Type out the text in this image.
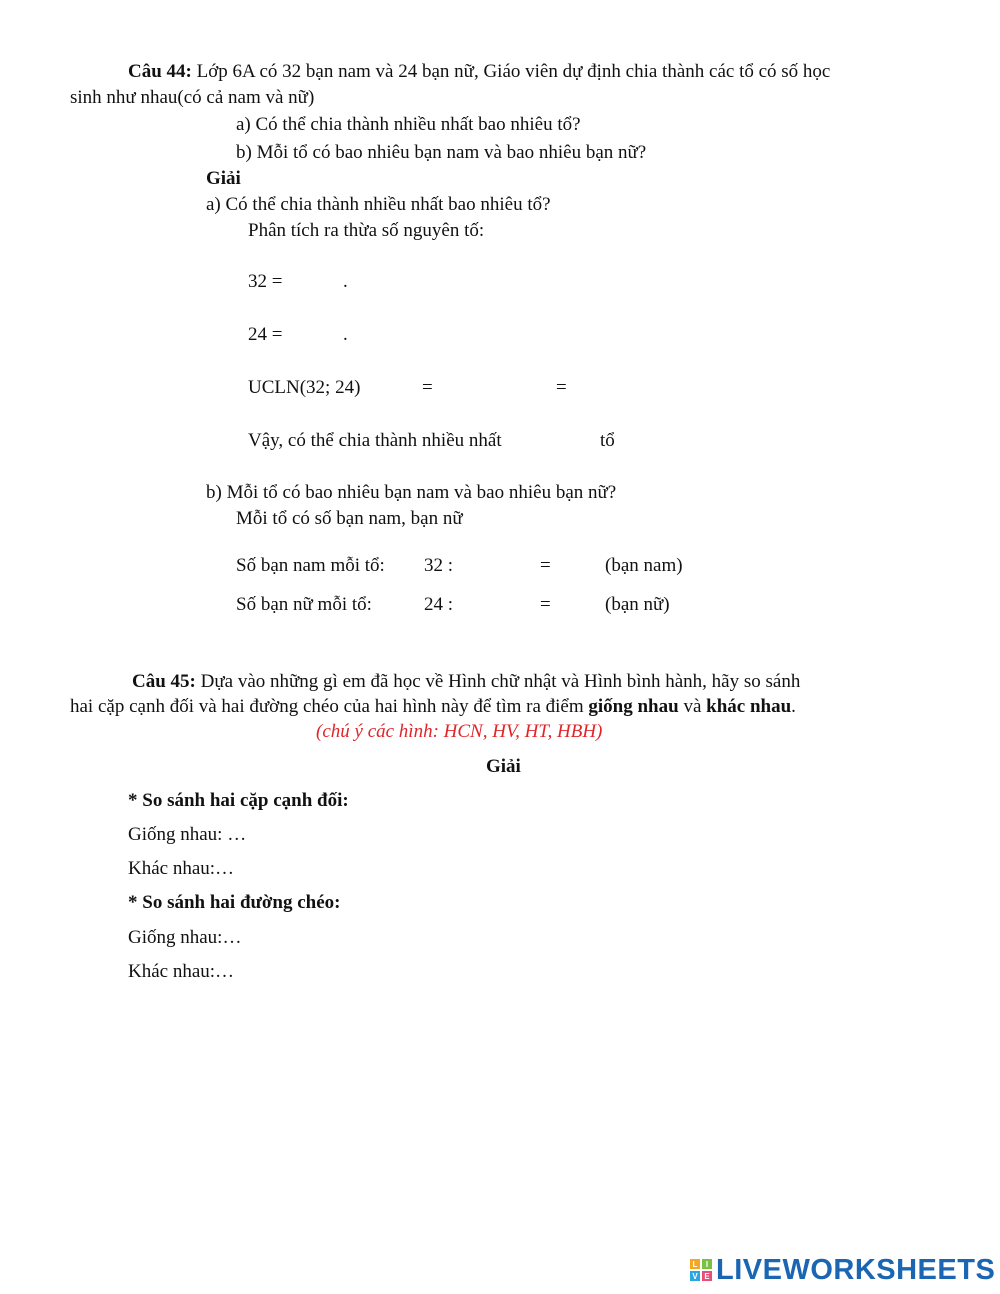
Câu 44: Lớp 6A có 32 bạn nam và 24 bạn nữ, Giáo viên dự định chia thành các tổ có số học
sinh như nhau(có cả nam và nữ)
a) Có thể chia thành nhiều nhất bao nhiêu tổ?
b) Mỗi tổ có bao nhiêu bạn nam và bao nhiêu bạn nữ?
Giải
a) Có thể chia thành nhiều nhất bao nhiêu tổ?
Phân tích ra thừa số nguyên tố:
32 =	.
24 =	.
UCLN(32; 24)	=	=
Vậy, có thể chia thành nhiều nhất	tổ
b) Mỗi tổ có bao nhiêu bạn nam và bao nhiêu bạn nữ?
Mỗi tổ có số bạn nam, bạn nữ
Số bạn nam mỗi tổ: 32 :	=	(bạn nam)
Số bạn nữ mỗi tổ:	24 :	=	(bạn nữ)
Câu 45: Dựa vào những gì em đã học về Hình chữ nhật và Hình bình hành, hãy so sánh
hai cặp cạnh đối và hai đường chéo của hai hình này để tìm ra điểm giống nhau và khác nhau.
(chú ý các hình: HCN, HV, HT, HBH)
Giải
* So sánh hai cặp cạnh đối:
Giống nhau: …
Khác nhau:…
* So sánh hai đường chéo:
Giống nhau:…
Khác nhau:…
L	I
V E LIVEWORKSHEETS
